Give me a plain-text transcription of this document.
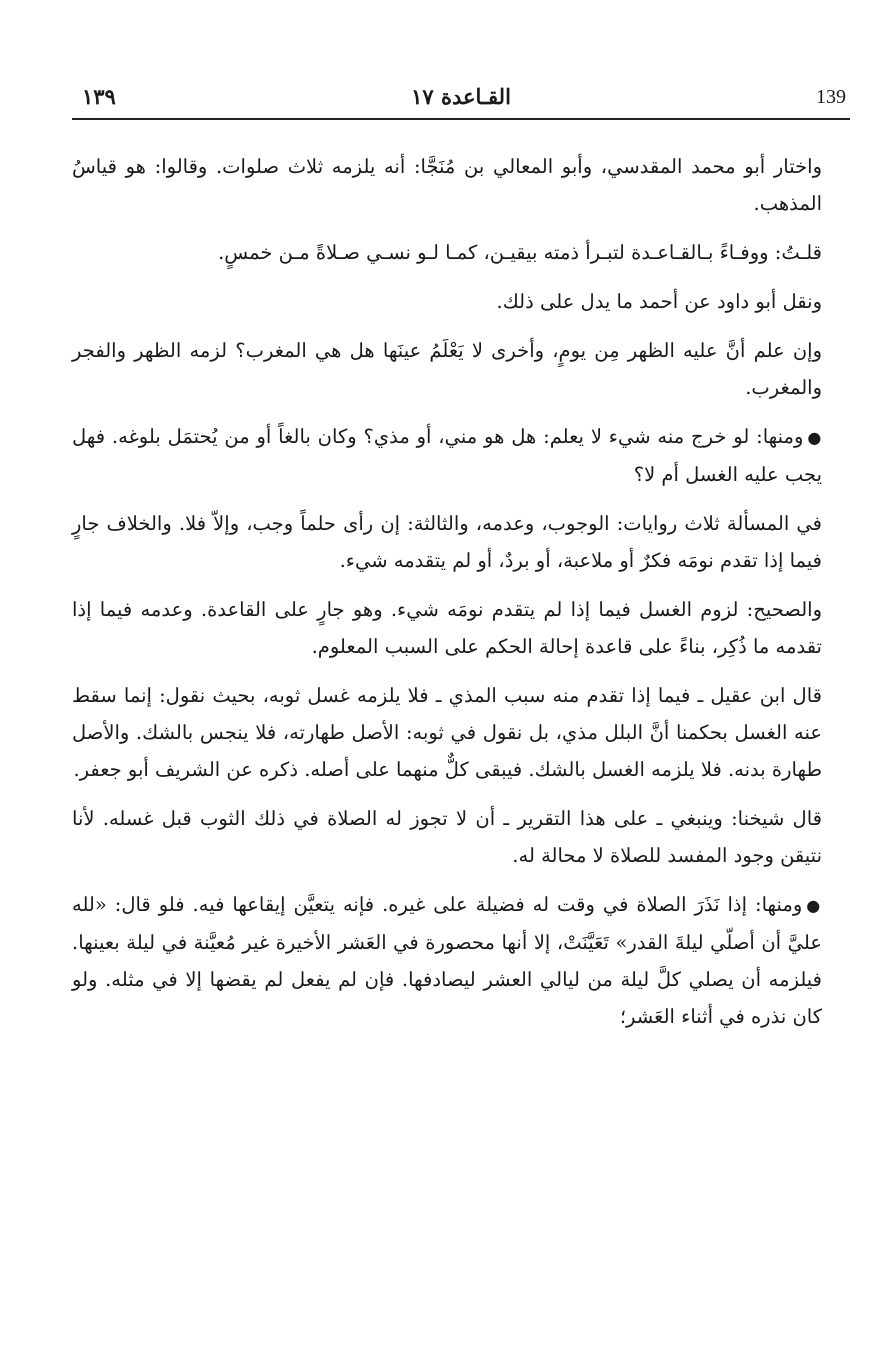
139
القـاعدة ١٧
١٣٩

واختار أبو محمد المقدسي، وأبو المعالي بن مُنَجَّا: أنه يلزمه ثلاث صلوات. وقالوا: هو قياسُ المذهب.

قلـتُ: ووفـاءً بـالقـاعـدة لتبـرأ ذمته بيقيـن، كمـا لـو نسـي صـلاةً مـن خمسٍ.

ونقل أبو داود عن أحمد ما يدل على ذلك.

وإن علم أنَّ عليه الظهر مِن يومٍ، وأخرى لا يَعْلَمُ عينَها هل هي المغرب؟ لزمه الظهر والفجر والمغرب.

●ومنها: لو خرج منه شيء لا يعلم: هل هو مني، أو مذي؟ وكان بالغاً أو من يُحتمَل بلوغه. فهل يجب عليه الغسل أم لا؟

في المسألة ثلاث روايات: الوجوب، وعدمه، والثالثة: إن رأى حلماً وجب، وإلاّ فلا. والخلاف جارٍ فيما إذا تقدم نومَه فكرٌ أو ملاعبة، أو بردٌ، أو لم يتقدمه شيء.

والصحيح: لزوم الغسل فيما إذا لم يتقدم نومَه شيء. وهو جارٍ على القاعدة. وعدمه فيما إذا تقدمه ما ذُكِر، بناءً على قاعدة إحالة الحكم على السبب المعلوم.

قال ابن عقيل ـ فيما إذا تقدم منه سبب المذي ـ فلا يلزمه غسل ثوبه، بحيث نقول: إنما سقط عنه الغسل بحكمنا أنَّ البلل مذي، بل نقول في ثوبه: الأصل طهارته، فلا ينجس بالشك. والأصل طهارة بدنه. فلا يلزمه الغسل بالشك. فيبقى كلٌّ منهما على أصله. ذكره عن الشريف أبو جعفر.

قال شيخنا: وينبغي ـ على هذا التقرير ـ أن لا تجوز له الصلاة في ذلك الثوب قبل غسله. لأنا نتيقن وجود المفسد للصلاة لا محالة له.

●ومنها: إذا نَذَرَ الصلاة في وقت له فضيلة على غيره. فإنه يتعيَّن إيقاعها فيه. فلو قال: «لله عليَّ أن أصلّي ليلةَ القدر» تَعَيَّنَتْ، إلا أنها محصورة في العَشر الأخيرة غير مُعيَّنة في ليلة بعينها. فيلزمه أن يصلي كلَّ ليلة من ليالي العشر ليصادفها. فإن لم يفعل لم يقضها إلا في مثله. ولو كان نذره في أثناء العَشر؛
